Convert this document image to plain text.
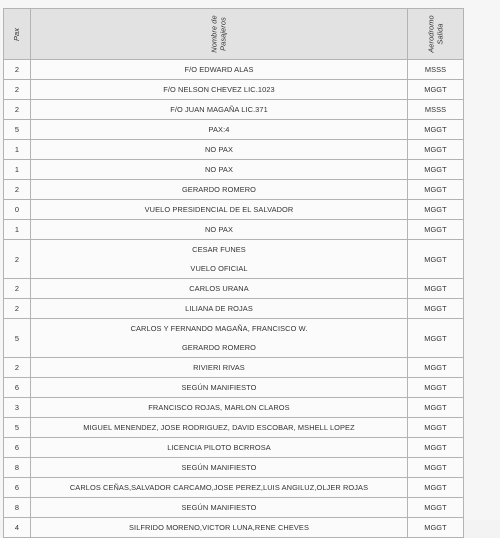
Pax	Nombre de Pasajeros	Aerodromo Salida

2	F/O EDWARD ALAS	MSSS
2	F/O NELSON CHEVEZ LIC.1023	MGGT
2	F/O JUAN MAGAÑA LIC.371	MSSS
5	PAX:4	MGGT
1	NO PAX	MGGT
1	NO PAX	MGGT
2	GERARDO ROMERO	MGGT
0	VUELO PRESIDENCIAL DE EL SALVADOR	MGGT
1	NO PAX	MGGT
2	CESAR FUNES
VUELO OFICIAL	MGGT
2	CARLOS URANA	MGGT
2	LILIANA DE ROJAS	MGGT
5	CARLOS Y FERNANDO MAGAÑA, FRANCISCO W.
GERARDO ROMERO	MGGT
2	RIVIERI RIVAS	MGGT
6	SEGÚN MANIFIESTO	MGGT
3	FRANCISCO ROJAS, MARLON CLAROS	MGGT
5	MIGUEL MENENDEZ, JOSE RODRIGUEZ, DAVID ESCOBAR, MSHELL LOPEZ	MGGT
6	LICENCIA PILOTO BCRROSA	MGGT
8	SEGÚN MANIFIESTO	MGGT
6	CARLOS CEÑAS,SALVADOR CARCAMO,JOSE PEREZ,LUIS ANGILUZ,OLJER ROJAS	MGGT
8	SEGÚN MANIFIESTO	MGGT
4	SILFRIDO MORENO,VICTOR LUNA,RENE CHEVES	MGGT
